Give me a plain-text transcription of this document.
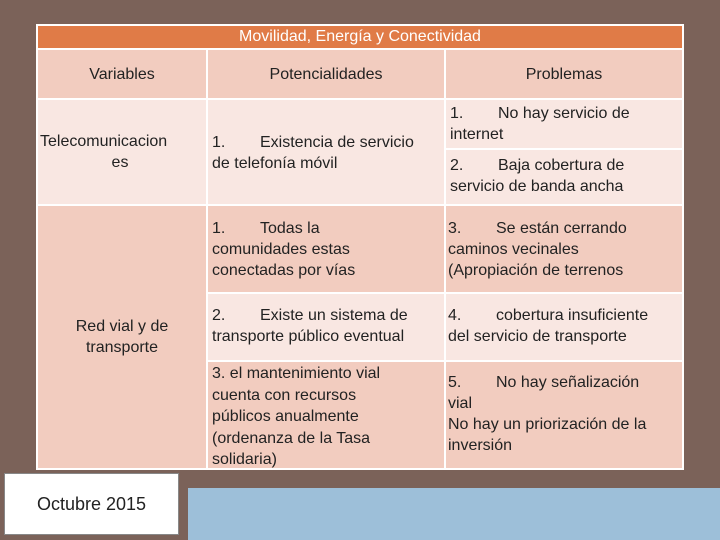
Movilidad, Energía y Conectividad
Variables	Potencialidades	Problemas
Telecomunicacion
es
1. Existencia de servicio
de telefonía móvil
1. No hay servicio de
internet
2. Baja cobertura de
servicio de banda ancha
Red vial y de
transporte
1. Todas la
comunidades estas
conectadas por vías
3. Se están cerrando
caminos vecinales
(Apropiación de terrenos
2. Existe un sistema de
transporte público eventual
4. cobertura insuficiente
del servicio de transporte
3. el mantenimiento vial
cuenta con recursos
públicos anualmente
(ordenanza de la Tasa
solidaria)
5. No hay señalización
vial
No hay un priorización de la
inversión
Octubre 2015
